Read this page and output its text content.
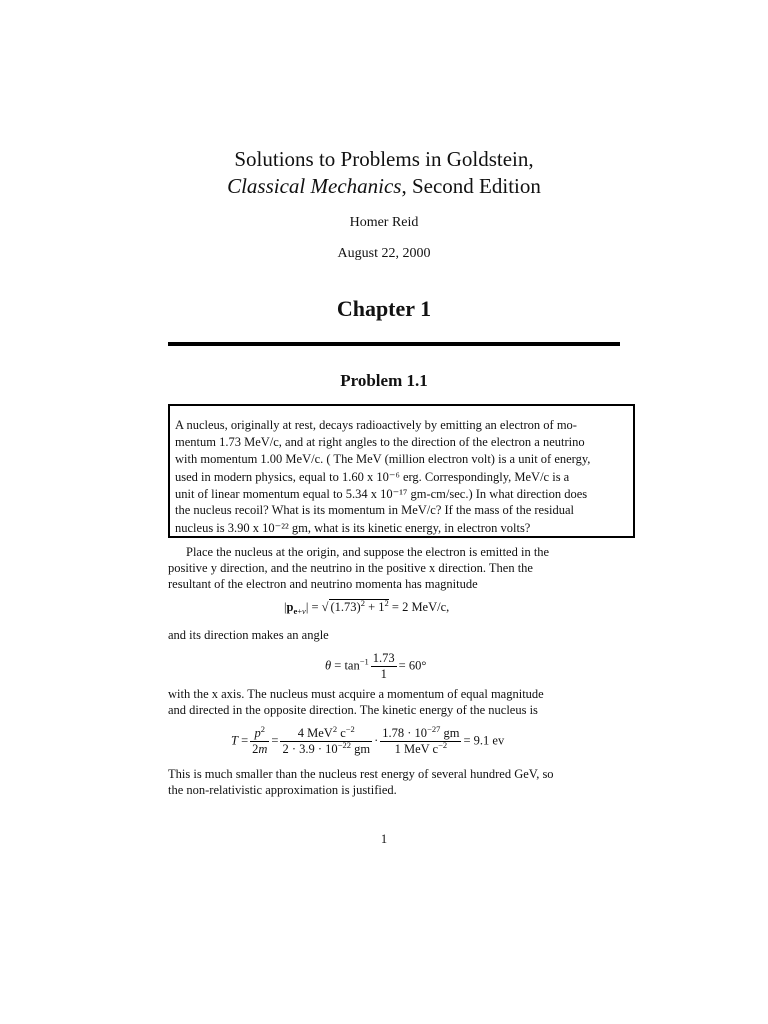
Solutions to Problems in Goldstein,
Classical Mechanics, Second Edition
Homer Reid
August 22, 2000
Chapter 1
Problem 1.1
A nucleus, originally at rest, decays radioactively by emitting an electron of mo-
mentum 1.73 MeV/c, and at right angles to the direction of the electron a neutrino
with momentum 1.00 MeV/c. ( The MeV (million electron volt) is a unit of energy,
used in modern physics, equal to 1.60 x 10⁻⁶ erg. Correspondingly, MeV/c is a
unit of linear momentum equal to 5.34 x 10⁻¹⁷ gm-cm/sec.) In what direction does
the nucleus recoil? What is its momentum in MeV/c? If the mass of the residual
nucleus is 3.90 x 10⁻²² gm, what is its kinetic energy, in electron volts?
Place the nucleus at the origin, and suppose the electron is emitted in the
positive y direction, and the neutrino in the positive x direction. Then the
resultant of the electron and neutrino momenta has magnitude
$|p_{e+\nu}|$ = √ $(1.73)^2 + 1^2 = 2$ MeV/c,
and its direction makes an angle
$\theta = \tan^{-1} \frac{1.73}{1} = 60^\circ$
with the x axis. The nucleus must acquire a momentum of equal magnitude
and directed in the opposite direction. The kinetic energy of the nucleus is
$T = \frac{p^2}{2m} = \frac{4 MeV^2 c^{-2}}{2 \cdot 3.9 \cdot 10^{-22} gm} \cdot \frac{1.78 \cdot 10^{-27} gm}{1 MeV c^{-2}} = 9.1$ ev
This is much smaller than the nucleus rest energy of several hundred GeV, so
the non-relativistic approximation is justified.
1
